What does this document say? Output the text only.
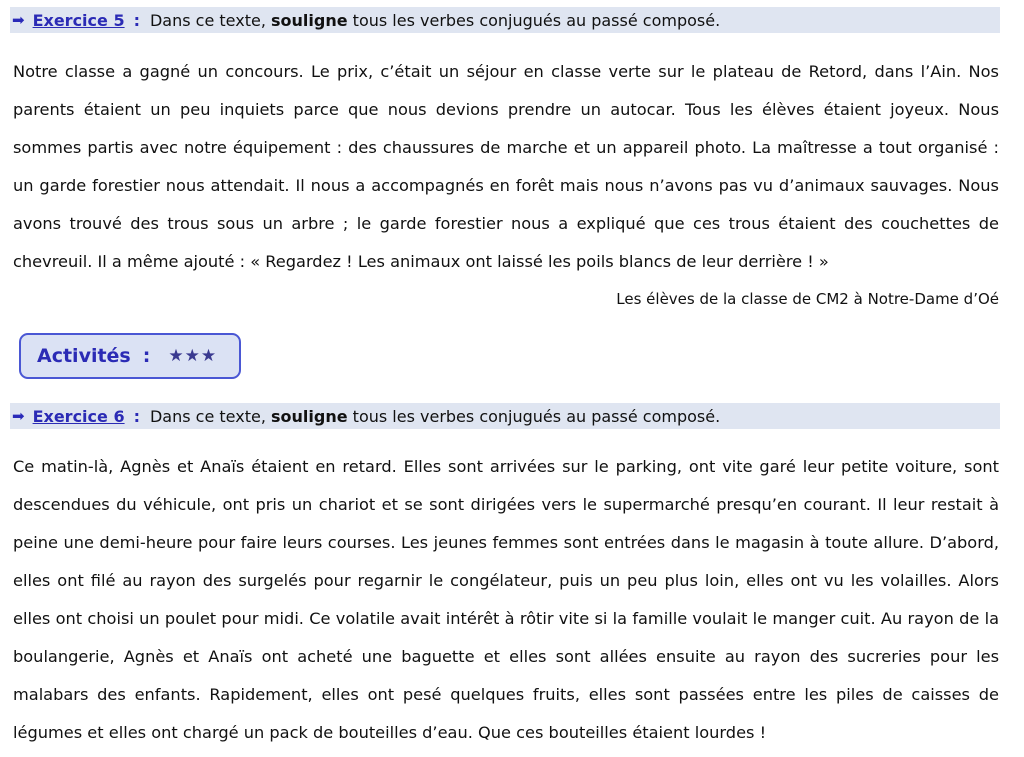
➡ Exercice 5 : Dans ce texte, souligne tous les verbes conjugués au passé composé.

Notre classe a gagné un concours. Le prix, c’était un séjour en classe verte sur le plateau de Retord, dans l’Ain. Nos parents étaient un peu inquiets parce que nous devions prendre un autocar. Tous les élèves étaient joyeux. Nous sommes partis avec notre équipement : des chaussures de marche et un appareil photo. La maîtresse a tout organisé : un garde forestier nous attendait. Il nous a accompagnés en forêt mais nous n’avons pas vu d’animaux sauvages. Nous avons trouvé des trous sous un arbre ; le garde forestier nous a expliqué que ces trous étaient des couchettes de chevreuil. Il a même ajouté : « Regardez ! Les animaux ont laissé les poils blancs de leur derrière ! »

Les élèves de la classe de CM2 à Notre-Dame d’Oé
Activités : ★★★
➡ Exercice 6 : Dans ce texte, souligne tous les verbes conjugués au passé composé.

Ce matin-là, Agnès et Anaïs étaient en retard. Elles sont arrivées sur le parking, ont vite garé leur petite voiture, sont descendues du véhicule, ont pris un chariot et se sont dirigées vers le supermarché presqu’en courant. Il leur restait à peine une demi-heure pour faire leurs courses. Les jeunes femmes sont entrées dans le magasin à toute allure. D’abord, elles ont filé au rayon des surgelés pour regarnir le congélateur, puis un peu plus loin, elles ont vu les volailles. Alors elles ont choisi un poulet pour midi. Ce volatile avait intérêt à rôtir vite si la famille voulait le manger cuit. Au rayon de la boulangerie, Agnès et Anaïs ont acheté une baguette et elles sont allées ensuite au rayon des sucreries pour les malabars des enfants. Rapidement, elles ont pesé quelques fruits, elles sont passées entre les piles de caisses de légumes et elles ont chargé un pack de bouteilles d’eau. Que ces bouteilles étaient lourdes !
